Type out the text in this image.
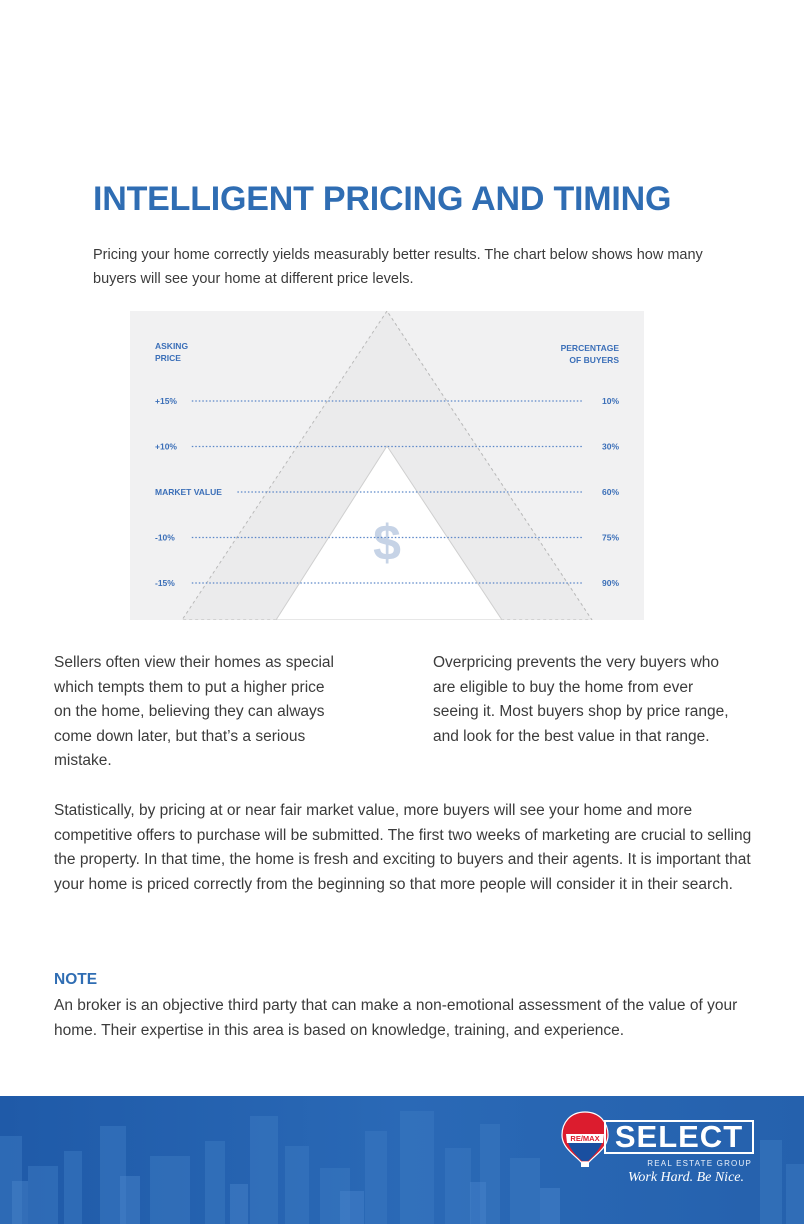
INTELLIGENT PRICING AND TIMING
Pricing your home correctly yields measurably better results. The chart below shows how many buyers will see your home at different price levels.
$
ASKING
PRICE
PERCENTAGE
OF BUYERS
+15%	10%
+10%	30%
MARKET VALUE	60%
-10%	75%
-15%	90%
Sellers often view their homes as special which tempts them to put a higher price on the home, believing they can always come down later, but that’s a serious mistake.
Overpricing prevents the very buyers who are eligible to buy the home from ever seeing it. Most buyers shop by price range, and look for the best value in that range.
Statistically, by pricing at or near fair market value, more buyers will see your home and more competitive offers to purchase will be submitted. The first two weeks of marketing are crucial to selling the property. In that time, the home is fresh and exciting to buyers and their agents. It is important that your home is priced correctly from the beginning so that more people will consider it in their search.
NOTE
An broker is an objective third party that can make a non-emotional assessment of the value of your home. Their expertise in this area is based on knowledge, training, and experience.
RE/MAX SELECT
REAL ESTATE GROUP
Work Hard. Be Nice.
